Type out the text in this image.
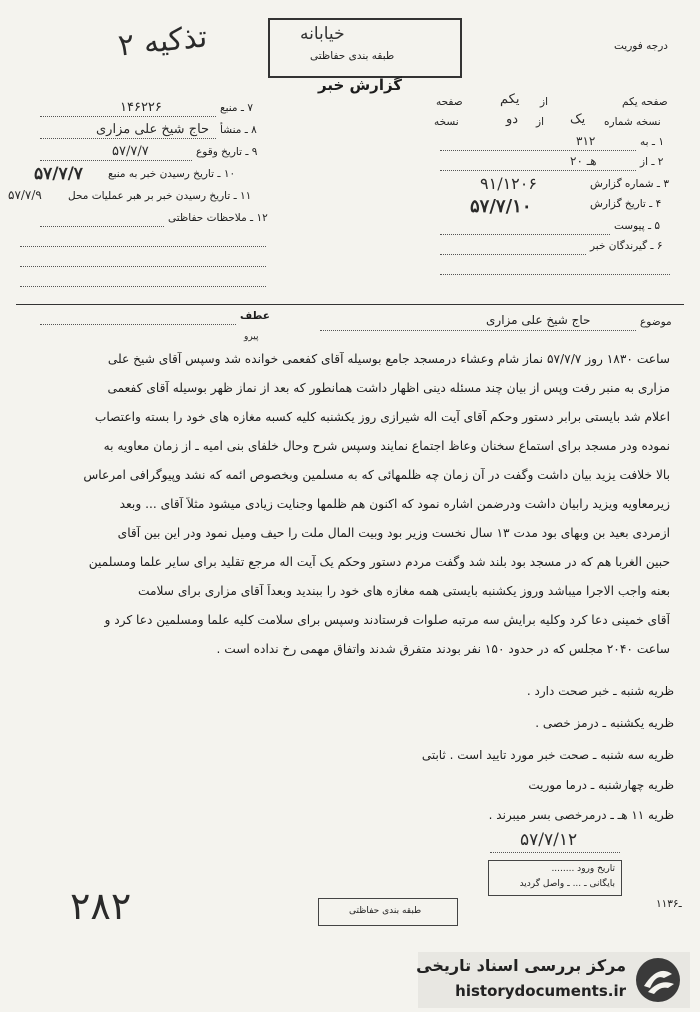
تذکیه ۲	خیابانه
طبقه بندی حفاظتی
گزارش خبر
درجه فوریت
۷ ـ منبع
۱۴۶۲۲۶
۸ ـ منشأ
حاج شیخ علی مزاری
۹ ـ تاریخ وقوع
۵۷/۷/۷
۱۰ ـ تاریخ رسیدن خبر به منبع
۵۷/۷/۷
۱۱ ـ تاریخ رسیدن خبر بر هبر عملیات محل
۵۷/۷/۹
۱۲ ـ ملاحظات حفاظتی
صفحه یکم
از
یکم
صفحه
نسخه شماره
یک
از
دو
نسخه
۱ ـ به
۳۱۲
۲ ـ از
۲۰ هـ
۳ ـ شماره گزارش
۹۱/۱۲۰۶
۴ ـ تاریخ گزارش
۵۷/۷/۱۰
۵ ـ پیوست
۶ ـ گیرندگان خبر
عطف
پیرو
موضوع
حاج شیخ علی مزاری
ساعت ۱۸۳۰ روز ۵۷/۷/۷ نماز شام وعشاء درمسجد جامع بوسیله آقای کفعمی خوانده شد وسپس آقای شیخ علی
مزاری به منبر رفت وپس از بیان چند مسئله دینی اظهار داشت همانطور که بعد از نماز ظهر بوسیله آقای کفعمی
اعلام شد بایستی برابر دستور وحکم آقای آیت اله شیرازی روز یکشنبه کلیه کسبه مغازه های خود را بسته واعتصاب
نموده ودر مسجد برای استماع سخنان وعاظ اجتماع نمایند وسپس شرح وحال خلفای بنی امیه ـ از زمان معاویه به
بالا خلافت یزید بیان داشت وگفت در آن زمان چه ظلمهائی که به مسلمین وبخصوص ائمه که نشد وپیوگرافی امرعاس
زیرمعاویه ویزید رابیان داشت ودرضمن اشاره نمود که اکنون هم ظلمها وجنایت زیادی میشود مثلاً آقای ... وبعد
ازمردی بعید بن وبهای بود مدت ۱۳ سال نخست وزیر بود وبیت المال ملت را حیف ومیل نمود ودر این بین آقای
حبین الغربا هم که در مسجد بود بلند شد وگفت مردم دستور وحکم یک آیت اله مرجع تقلید برای سایر علما ومسلمین
بعنه واجب الاجرا میباشد وروز یکشنبه بایستی همه مغازه های خود را ببندید وبعداً آقای مزاری برای سلامت
آقای خمینی دعا کرد وکلیه برایش سه مرتبه صلوات فرستادند وسپس برای سلامت کلیه علما ومسلمین دعا کرد و
ساعت ۲۰۴۰ مجلس که در حدود ۱۵۰ نفر بودند متفرق شدند واتفاق مهمی رخ نداده است .
ظریه شنبه ـ خبر صحت دارد .
ظریه یکشنبه ـ درمز خصی .
ظریه سه شنبه ـ صحت خبر مورد تایید است . ثابتی
ظریه چهارشنبه ـ درما موریت
ظریه ۱۱ هـ ـ درمرخصی بسر میبرند .
۵۷/۷/۱۲
تاریخ ورود ........
بایگانی ـ ... ـ واصل گردید
۲۸۲	طبقه بندی حفاظتی
۱۱ـ۳۶
مرکز بررسی اسناد تاریخی
historydocuments.ir
